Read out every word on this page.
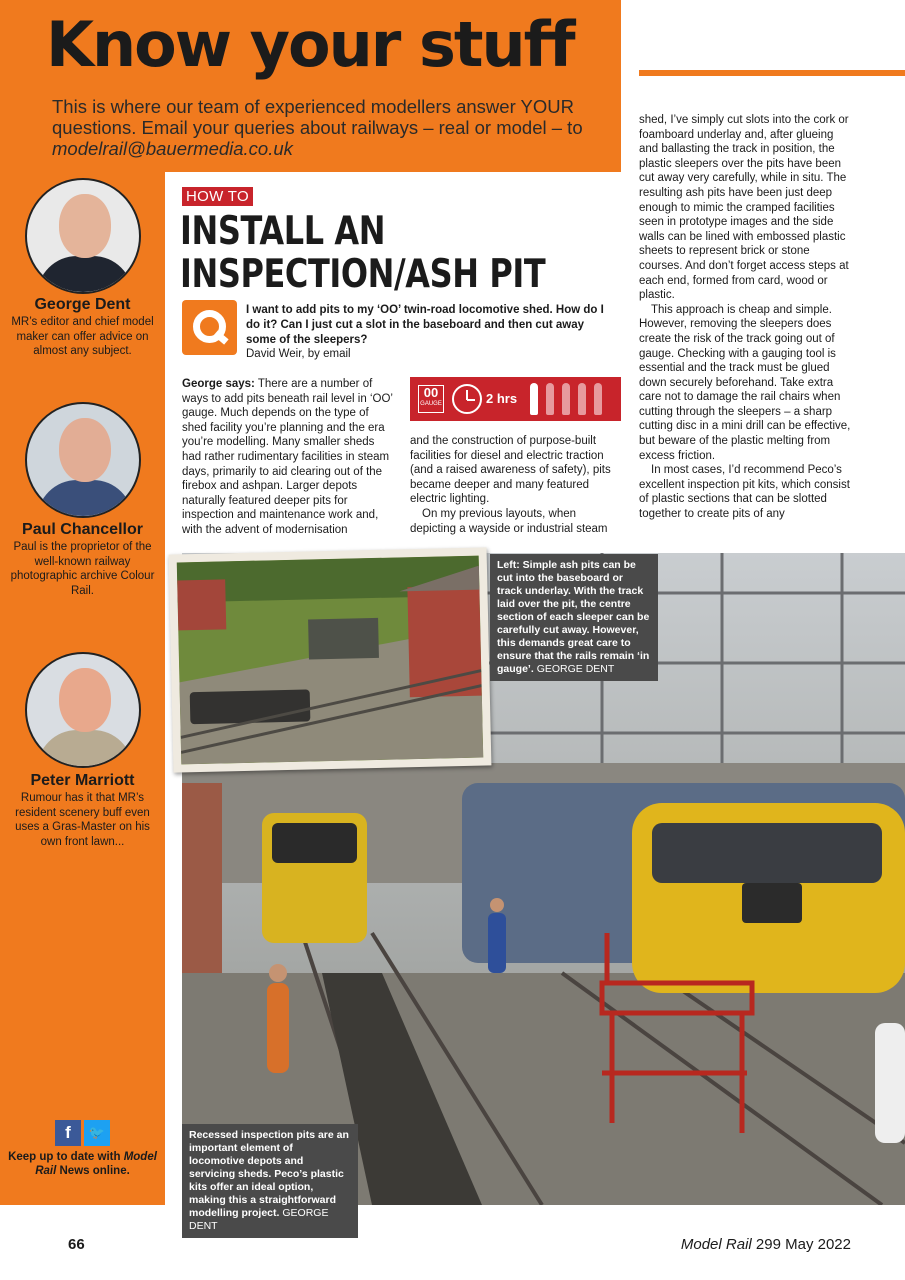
Know your stuff
This is where our team of experienced modellers answer YOUR questions. Email your queries about railways – real or model – to modelrail@bauermedia.co.uk
George Dent
MR’s editor and chief model maker can offer advice on almost any subject.
Paul Chancellor
Paul is the proprietor of the well-known railway photographic archive Colour Rail.
Peter Marriott
Rumour has it that MR’s resident scenery buff even uses a Gras-Master on his own front lawn...
f	🐦
Keep up to date with Model Rail News online.
HOW TO
INSTALL AN
INSPECTION/ASH PIT
I want to add pits to my ‘OO’ twin-road locomotive shed. How do I do it? Can I just cut a slot in the baseboard and then cut away some of the sleepers?
David Weir, by email

George says: There are a number of ways to add pits beneath rail level in ‘OO’ gauge. Much depends on the type of shed facility you’re planning and the era you’re modelling. Many smaller sheds had rather rudimentary facilities in steam days, primarily to aid clearing out of the firebox and ashpan. Larger depots naturally featured deeper pits for inspection and maintenance work and, with the advent of modernisation

00
GAUGE	2 hrs

and the construction of purpose-built facilities for diesel and electric traction (and a raised awareness of safety), pits became deeper and many featured electric lighting.

On my previous layouts, when depicting a wayside or industrial steam

shed, I’ve simply cut slots into the cork or foamboard underlay and, after glueing and ballasting the track in position, the plastic sleepers over the pits have been cut away very carefully, while in situ. The resulting ash pits have been just deep enough to mimic the cramped facilities seen in prototype images and the side walls can be lined with embossed plastic sheets to represent brick or stone courses. And don’t forget access steps at each end, formed from card, wood or plastic.

This approach is cheap and simple. However, removing the sleepers does create the risk of the track going out of gauge. Checking with a gauging tool is essential and the track must be glued down securely beforehand. Take extra care not to damage the rail chairs when cutting through the sleepers – a sharp cutting disc in a mini drill can be effective, but beware of the plastic melting from excess friction.

In most cases, I’d recommend Peco’s excellent inspection pit kits, which consist of plastic sections that can be slotted together to create pits of any

Left: Simple ash pits can be cut into the baseboard or track underlay. With the track laid over the pit, the centre section of each sleeper can be carefully cut away. However, this demands great care to ensure that the rails remain ‘in gauge’. GEORGE DENT
Recessed inspection pits are an important element of locomotive depots and servicing sheds. Peco’s plastic kits offer an ideal option, making this a straightforward modelling project. GEORGE DENT
66	Model Rail 299 May 2022
